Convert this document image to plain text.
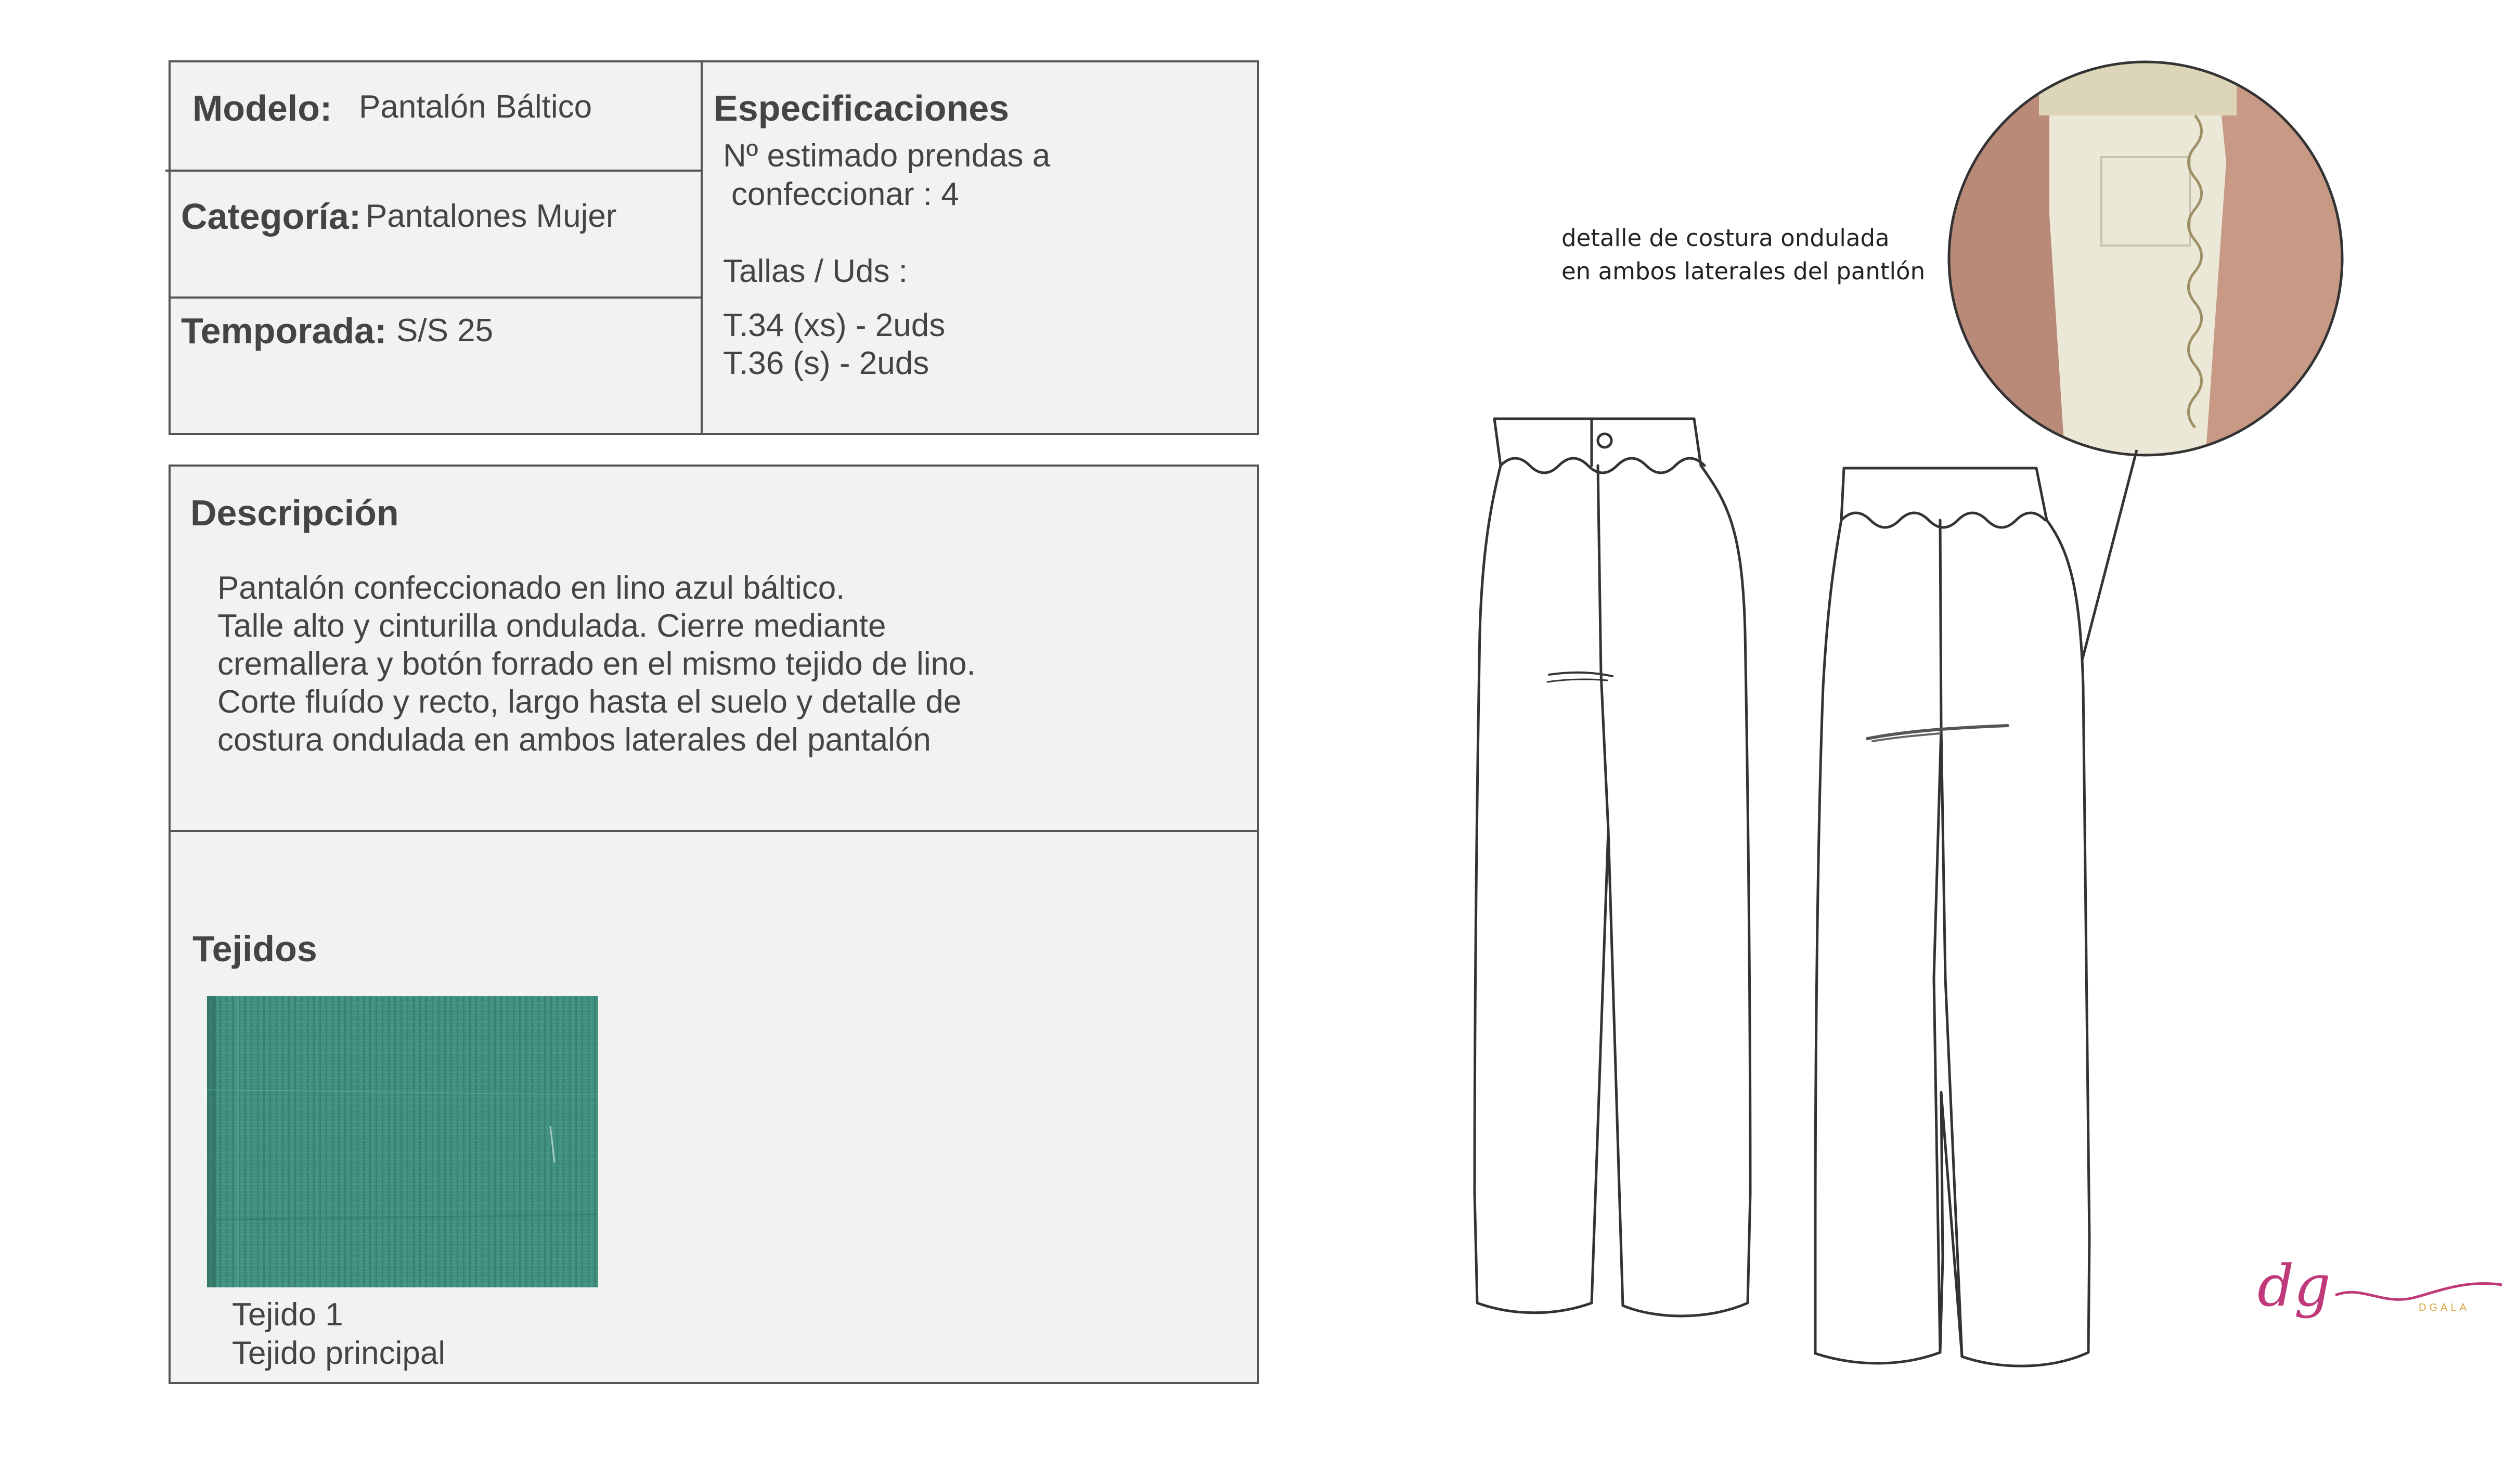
Modelo: Pantalón Báltico
Categoría: Pantalones Mujer
Temporada: S/S 25
Especificaciones
Nº estimado prendas a
confeccionar : 4
Tallas / Uds :
T.34 (xs) - 2uds
T.36 (s) - 2uds
Descripción
Pantalón confeccionado en lino azul báltico.
Talle alto y cinturilla ondulada. Cierre mediante
cremallera y botón forrado en el mismo tejido de lino.
Corte fluído y recto, largo hasta el suelo y detalle de
costura ondulada en ambos laterales del pantalón
Tejidos
Tejido 1
Tejido principal
detalle de costura ondulada
en ambos laterales del pantlón
dg	DGALA
